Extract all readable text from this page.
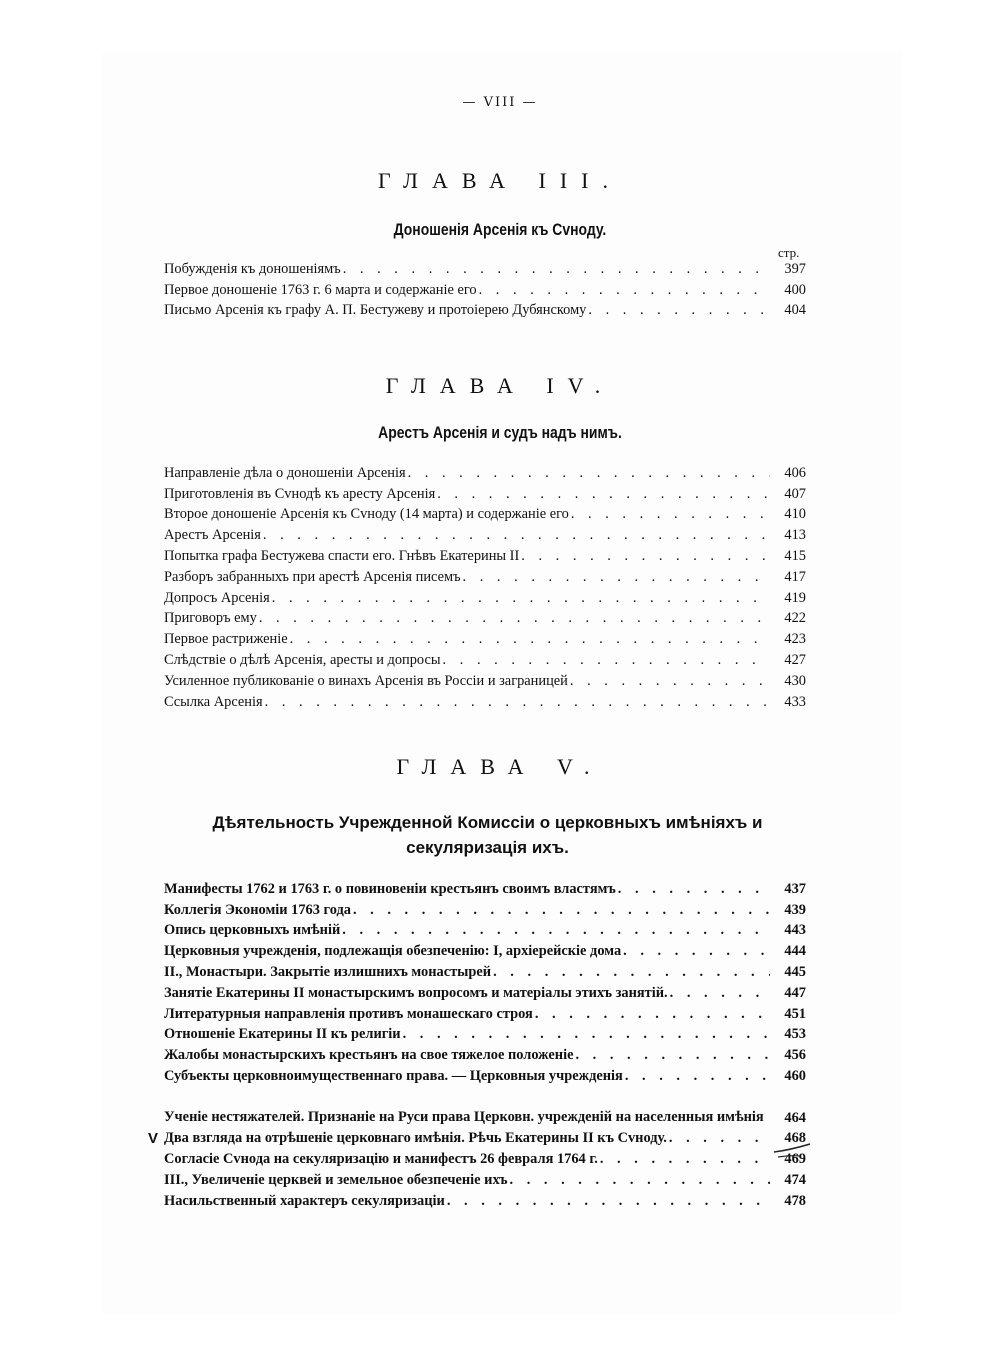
— VIII —
ГЛАВА III.
Доношенія Арсенія къ Сvноду.
стр.
Побужденія къ доношеніямъ . . .	397
Первое доношеніе 1763 г. 6 марта и содержаніе его . . .	400
Письмо Арсенія къ графу А. П. Бестужеву и протоіерею Дубянскому . . .	404
ГЛАВА IV.
Арестъ Арсенія и судъ надъ нимъ.
Направленіе дѣла о доношеніи Арсенія . . .	406
Приготовленія въ Сvнодѣ къ аресту Арсенія . . .	407
Второе доношеніе Арсенія къ Сvноду (14 марта) и содержаніе его . . .	410
Арестъ Арсенія . . .	413
Попытка графа Бестужева спасти его. Гнѣвъ Екатерины II . . .	415
Разборъ забранныхъ при арестѣ Арсенія писемъ . . .	417
Допросъ Арсенія . . .	419
Приговоръ ему . . .	422
Первое растриженіе . . .	423
Слѣдствіе о дѣлѣ Арсенія, аресты и допросы . . .	427
Усиленное публикованіе о винахъ Арсенія въ Россіи и заграницей . . .	430
Ссылка Арсенія . . .	433
ГЛАВА V.
Дѣятельность Учрежденной Комиссіи о церковныхъ имѣніяхъ и секуляризація ихъ.
Манифесты 1762 и 1763 г. о повиновеніи крестьянъ своимъ властямъ . . .	437
Коллегія Экономіи 1763 года . . .	439
Опись церковныхъ имѣній . . .	443
Церковныя учрежденія, подлежащія обезпеченію: I, архіерейскіе дома . . .	444
II., Монастыри. Закрытіе излишнихъ монастырей . . .	445
Занятіе Екатерины II монастырскимъ вопросомъ и матеріалы этихъ занятій. . . .	447
Литературныя направленія противъ монашескаго строя . . .	451
Отношеніе Екатерины II къ религіи . . .	453
Жалобы монастырскихъ крестьянъ на свое тяжелое положеніе . . .	456
Субъекты церковноимущественнаго права. — Церковныя учрежденія . . .	460
Ученіе нестяжателей. Признаніе на Руси права Церковн. учрежденій на населенныя имѣнія	464
Два взгляда на отрѣшеніе церковнаго имѣнія. Рѣчь Екатерины II къ Сvноду. . . .	468
Согласіе Сvнода на секуляризацію и манифестъ 26 февраля 1764 г. . . .	469
III., Увеличеніе церквей и земельное обезпеченіе ихъ . . .	474
Насильственный характеръ секуляризаціи . . .	478
V
